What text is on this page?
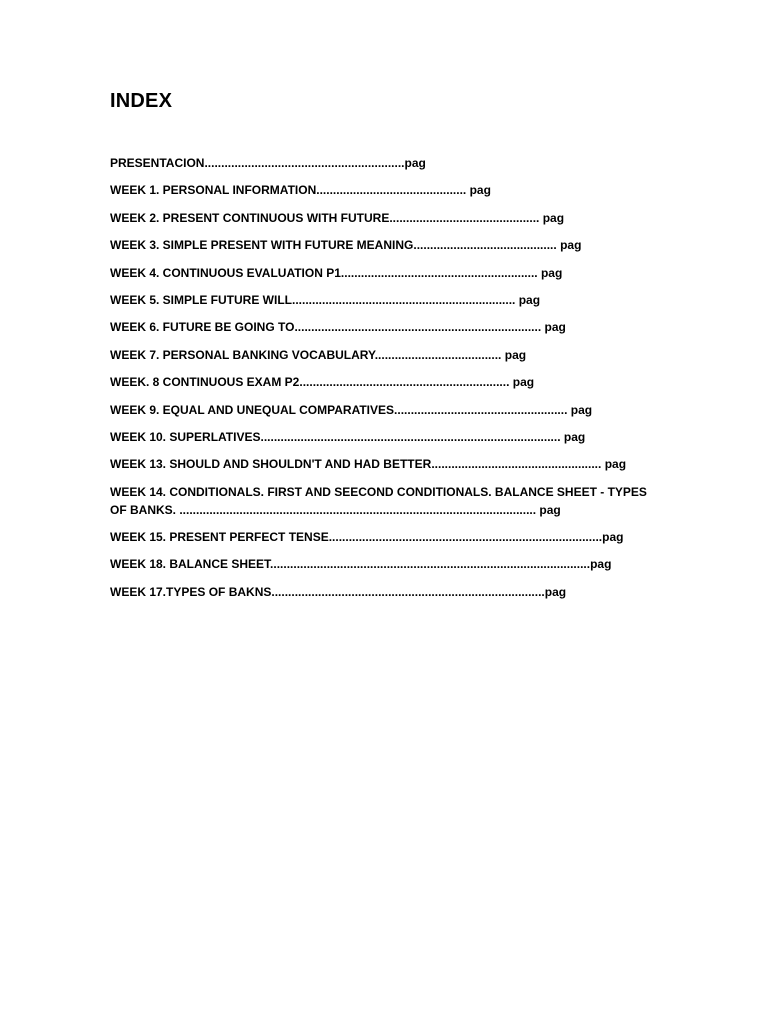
INDEX
PRESENTACION............................................................pag
WEEK 1. PERSONAL INFORMATION............................................. pag
WEEK 2. PRESENT CONTINUOUS WITH FUTURE............................................. pag
WEEK 3. SIMPLE PRESENT WITH FUTURE MEANING........................................... pag
WEEK 4. CONTINUOUS EVALUATION P1........................................................... pag
WEEK 5. SIMPLE FUTURE WILL................................................................... pag
WEEK 6. FUTURE BE GOING TO.......................................................................... pag
WEEK 7. PERSONAL BANKING VOCABULARY...................................... pag
WEEK. 8 CONTINUOUS EXAM P2............................................................... pag
WEEK 9. EQUAL AND UNEQUAL COMPARATIVES.................................................... pag
WEEK 10. SUPERLATIVES.......................................................................................... pag
WEEK 13. SHOULD AND SHOULDN'T AND HAD BETTER................................................... pag
WEEK 14. CONDITIONALS. FIRST AND SEECOND CONDITIONALS. BALANCE SHEET - TYPES OF BANKS. ........................................................................................................... pag
WEEK 15. PRESENT PERFECT TENSE..................................................................................pag
WEEK 18. BALANCE SHEET................................................................................................pag
WEEK 17.TYPES OF BAKNS..................................................................................pag
